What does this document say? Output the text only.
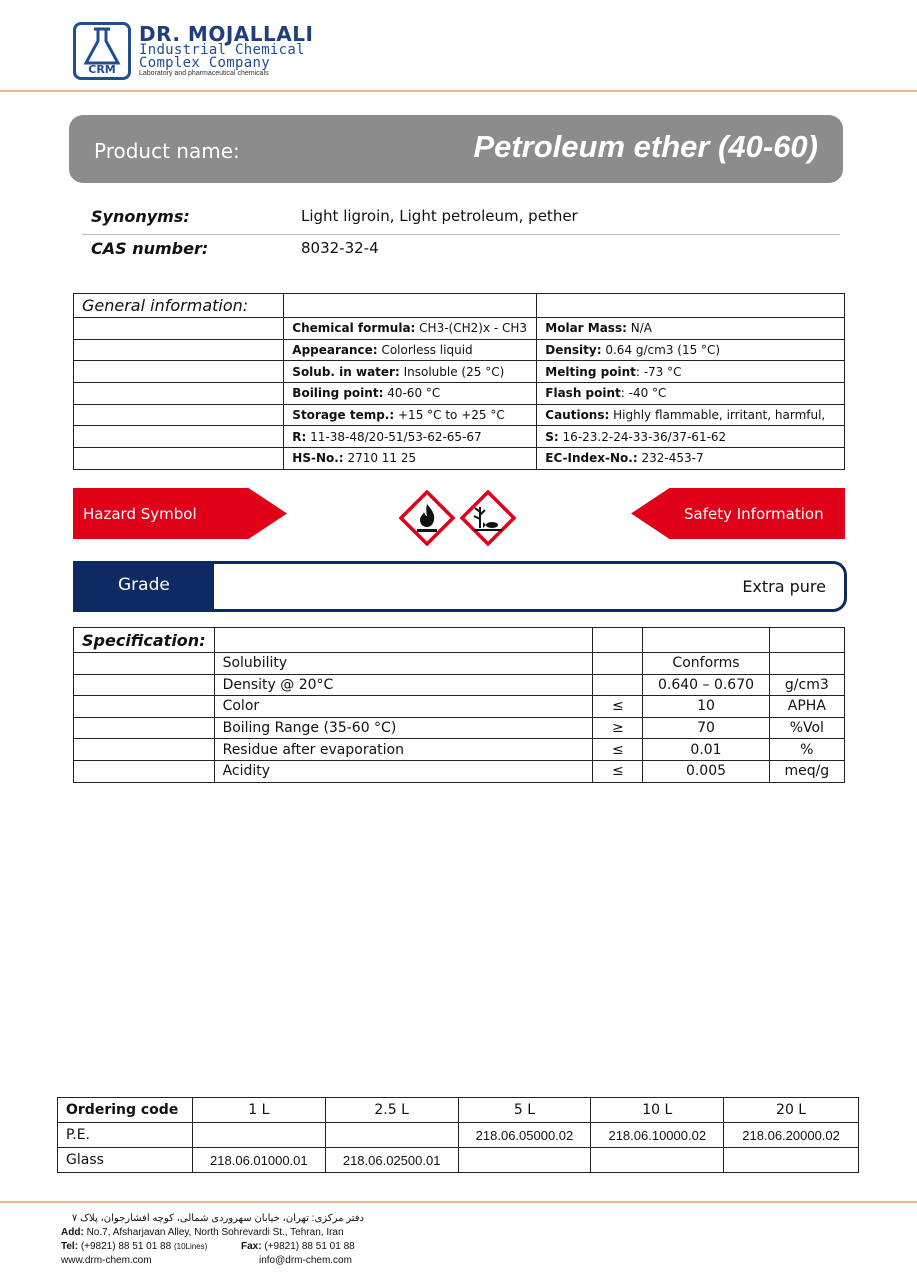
CRM
DR. MOJALLALI
Industrial Chemical
Complex Company
Laboratory and pharmaceutical chemicals
Product name:	Petroleum ether (40-60)
Synonyms:	Light ligroin, Light petroleum, pether
CAS number:	8032-32-4
General information:		
	Chemical formula: CH3-(CH2)x - CH3	Molar Mass: N/A
	Appearance: Colorless liquid	Density: 0.64 g/cm3 (15 °C)
	Solub. in water: Insoluble (25 °C)	Melting point: -73 °C
	Boiling point: 40-60 °C	Flash point: -40 °C
	Storage temp.: +15 °C to +25 °C	Cautions: Highly flammable, irritant, harmful,
	R: 11-38-48/20-51/53-62-65-67	S: 16-23.2-24-33-36/37-61-62
	HS-No.: 2710 11 25	EC-Index-No.: 232-453-7
Hazard Symbol	Safety Information
Grade	Extra pure
Specification:				
	Solubility		Conforms	
	Density @ 20°C		0.640 – 0.670	g/cm3
	Color	≤	10	APHA
	Boiling Range (35-60 °C)	≥	70	%Vol
	Residue after evaporation	≤	0.01	%
	Acidity	≤	0.005	meq/g
Ordering code	1 L	2.5 L	5 L	10 L	20 L
P.E.			218.06.05000.02	218.06.10000.02	218.06.20000.02
Glass	218.06.01000.01	218.06.02500.01			
دفتر مرکزی: تهران، خیابان سهروردی شمالی، کوچه افشارجوان، پلاک ۷
Add: No.7, Afsharjavan Alley, North Sohrevardi St., Tehran, Iran
Tel: (+9821) 88 51 01 88 (10Lines)	Fax: (+9821) 88 51 01 88
www.drm-chem.com	info@drm-chem.com
